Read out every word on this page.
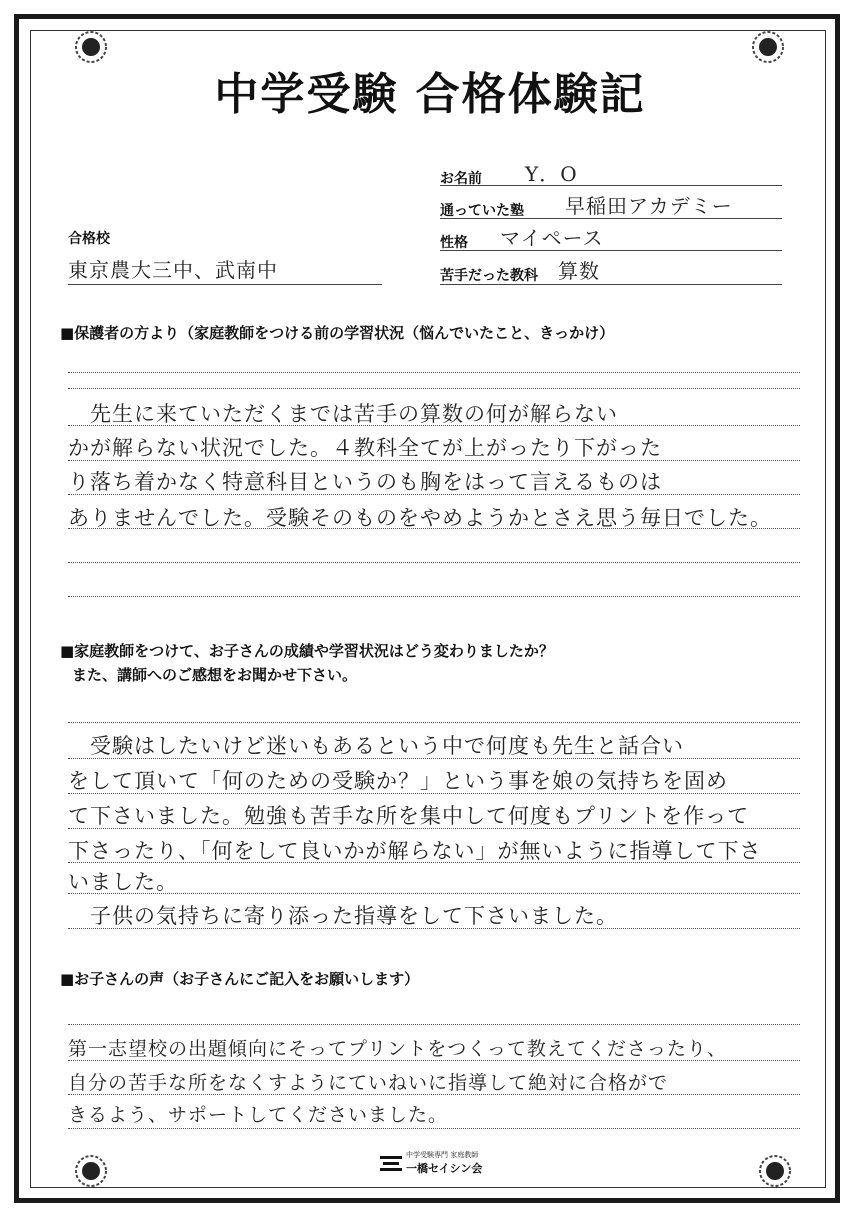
中学受験 合格体験記
お名前 Y．O
通っていた塾 早稲田アカデミー
性格 マイペース
苦手だった教科 算数
合格校
東京農大三中、武南中
■保護者の方より（家庭教師をつける前の学習状況（悩んでいたこと、きっかけ）
　先生に来ていただくまでは苦手の算数の何が解らない
かが解らない状況でした。４教科全てが上がったり下がった
り落ち着かなく特意科目というのも胸をはって言えるものは
ありませんでした。受験そのものをやめようかとさえ思う毎日でした。
■家庭教師をつけて、お子さんの成績や学習状況はどう変わりましたか？
また、講師へのご感想をお聞かせ下さい。
　受験はしたいけど迷いもあるという中で何度も先生と話合い
をして頂いて「何のための受験か？」という事を娘の気持ちを固め
て下さいました。勉強も苦手な所を集中して何度もプリントを作って
下さったり、「何をして良いかが解らない」が無いように指導して下さ
いました。
　子供の気持ちに寄り添った指導をして下さいました。
■お子さんの声（お子さんにご記入をお願いします）
第一志望校の出題傾向にそってプリントをつくって教えてくださったり、
自分の苦手な所をなくすようにていねいに指導して絶対に合格がで
きるよう、サポートしてくださいました。
中学受験専門 家庭教師
一橋セイシン会
